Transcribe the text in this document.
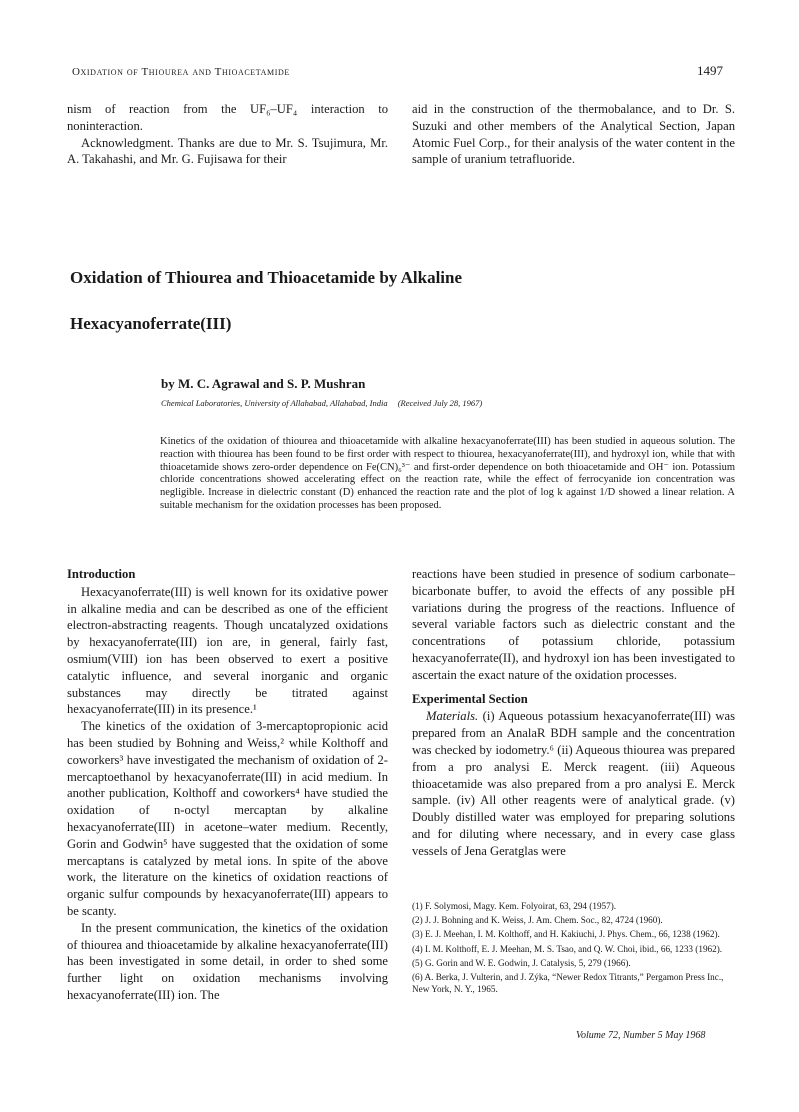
Oxidation of Thiourea and Thioacetamide	1497

nism of reaction from the UF₆–UF₄ interaction to noninteraction.

Acknowledgment. Thanks are due to Mr. S. Tsujimura, Mr. A. Takahashi, and Mr. G. Fujisawa for their

aid in the construction of the thermobalance, and to Dr. S. Suzuki and other members of the Analytical Section, Japan Atomic Fuel Corp., for their analysis of the water content in the sample of uranium tetrafluoride.

Oxidation of Thiourea and Thioacetamide by Alkaline
Hexacyanoferrate(III)
by M. C. Agrawal and S. P. Mushran
Chemical Laboratories, University of Allahabad, Allahabad, India (Received July 28, 1967)
Kinetics of the oxidation of thiourea and thioacetamide with alkaline hexacyanoferrate(III) has been studied in aqueous solution. The reaction with thiourea has been found to be first order with respect to thiourea, hexacyanoferrate(III), and hydroxyl ion, while that with thioacetamide shows zero-order dependence on Fe(CN)₆³⁻ and first-order dependence on both thioacetamide and OH⁻ ion. Potassium chloride concentrations showed accelerating effect on the reaction rate, while the effect of ferrocyanide ion concentration was negligible. Increase in dielectric constant (D) enhanced the reaction rate and the plot of log k against 1/D showed a linear relation. A suitable mechanism for the oxidation processes has been proposed.
Introduction

Hexacyanoferrate(III) is well known for its oxidative power in alkaline media and can be described as one of the efficient electron-abstracting reagents. Though uncatalyzed oxidations by hexacyanoferrate(III) ion are, in general, fairly fast, osmium(VIII) ion has been observed to exert a positive catalytic influence, and several inorganic and organic substances may directly be titrated against hexacyanoferrate(III) in its presence.¹

The kinetics of the oxidation of 3-mercaptopropionic acid has been studied by Bohning and Weiss,² while Kolthoff and coworkers³ have investigated the mechanism of oxidation of 2-mercaptoethanol by hexacyanoferrate(III) in acid medium. In another publication, Kolthoff and coworkers⁴ have studied the oxidation of n-octyl mercaptan by alkaline hexacyanoferrate(III) in acetone–water medium. Recently, Gorin and Godwin⁵ have suggested that the oxidation of some mercaptans is catalyzed by metal ions. In spite of the above work, the literature on the kinetics of oxidation reactions of organic sulfur compounds by hexacyanoferrate(III) appears to be scanty.

In the present communication, the kinetics of the oxidation of thiourea and thioacetamide by alkaline hexacyanoferrate(III) has been investigated in some detail, in order to shed some further light on oxidation mechanisms involving hexacyanoferrate(III) ion. The

reactions have been studied in presence of sodium carbonate–bicarbonate buffer, to avoid the effects of any possible pH variations during the progress of the reactions. Influence of several variable factors such as dielectric constant and the concentrations of potassium chloride, potassium hexacyanoferrate(II), and hydroxyl ion has been investigated to ascertain the exact nature of the oxidation processes.

Experimental Section

Materials. (i) Aqueous potassium hexacyanoferrate(III) was prepared from an AnalaR BDH sample and the concentration was checked by iodometry.⁶ (ii) Aqueous thiourea was prepared from a pro analysi E. Merck reagent. (iii) Aqueous thioacetamide was also prepared from a pro analysi E. Merck sample. (iv) All other reagents were of analytical grade. (v) Doubly distilled water was employed for preparing solutions and for diluting where necessary, and in every case glass vessels of Jena Geratglas were

(1) F. Solymosi, Magy. Kem. Folyoirat, 63, 294 (1957).
(2) J. J. Bohning and K. Weiss, J. Am. Chem. Soc., 82, 4724 (1960).
(3) E. J. Meehan, I. M. Kolthoff, and H. Kakiuchi, J. Phys. Chem., 66, 1238 (1962).
(4) I. M. Kolthoff, E. J. Meehan, M. S. Tsao, and Q. W. Choi, ibid., 66, 1233 (1962).
(5) G. Gorin and W. E. Godwin, J. Catalysis, 5, 279 (1966).
(6) A. Berka, J. Vulterin, and J. Zýka, “Newer Redox Titrants,” Pergamon Press Inc., New York, N. Y., 1965.
Volume 72, Number 5 May 1968
